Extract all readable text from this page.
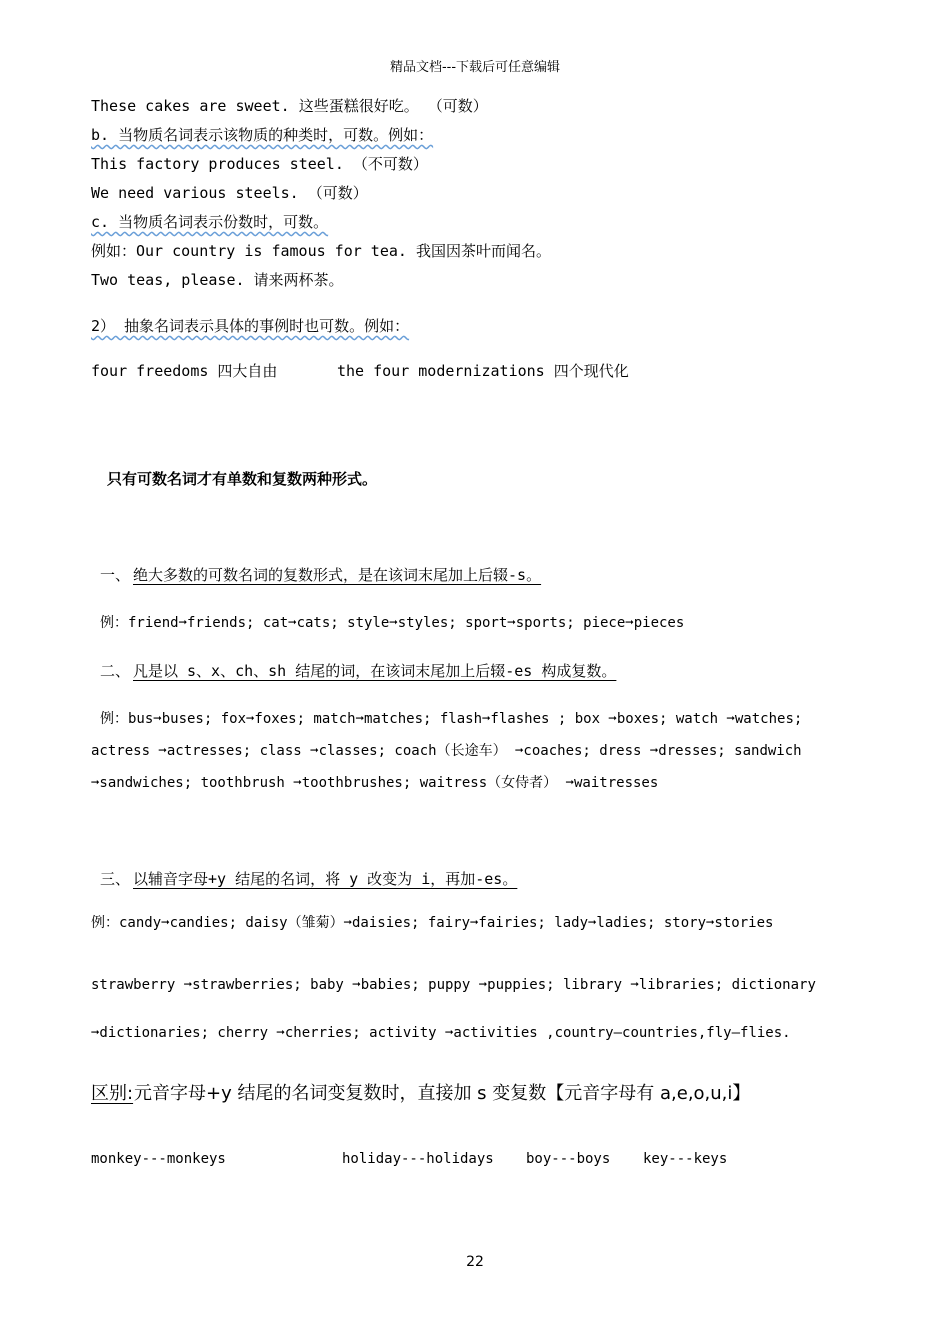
精品文档---下载后可任意编辑
These cakes are sweet. 这些蛋糕很好吃。 （可数）
b. 当物质名词表示该物质的种类时，可数。例如：
This factory produces steel. （不可数）
We need various steels. （可数）
c. 当物质名词表示份数时，可数。
例如：Our country is famous for tea. 我国因茶叶而闻名。
Two teas, please. 请来两杯茶。
2） 抽象名词表示具体的事例时也可数。例如：
four freedoms 四大自由	the four modernizations 四个现代化
只有可数名词才有单数和复数两种形式。
一、 绝大多数的可数名词的复数形式，是在该词末尾加上后辍-s。
例：friend➞friends; cat➞cats; style➞styles; sport➞sports; piece➞pieces
二、 凡是以 s、x、ch、sh 结尾的词，在该词末尾加上后辍-es 构成复数。
例：bus➞buses; fox➞foxes; match➞matches; flash➞flashes ; box ➞boxes; watch ➞watches;
actress ➞actresses; class ➞classes; coach（长途车） ➞coaches; dress ➞dresses; sandwich
➞sandwiches; toothbrush ➞toothbrushes; waitress（女侍者） ➞waitresses
三、 以辅音字母+y 结尾的名词，将 y 改变为 i，再加-es。
例：candy➞candies; daisy（雏菊）➞daisies; fairy➞fairies; lady➞ladies; story➞stories
strawberry ➞strawberries; baby ➞babies; puppy ➞puppies; library ➞libraries; dictionary
➞dictionaries; cherry ➞cherries; activity ➞activities ,country—countries,fly—flies.
区别: 元音字母+y 结尾的名词变复数时，直接加 s 变复数【元音字母有 a,e,o,u,i】
monkey---monkeys	holiday---holidays boy---boys key---keys
22
